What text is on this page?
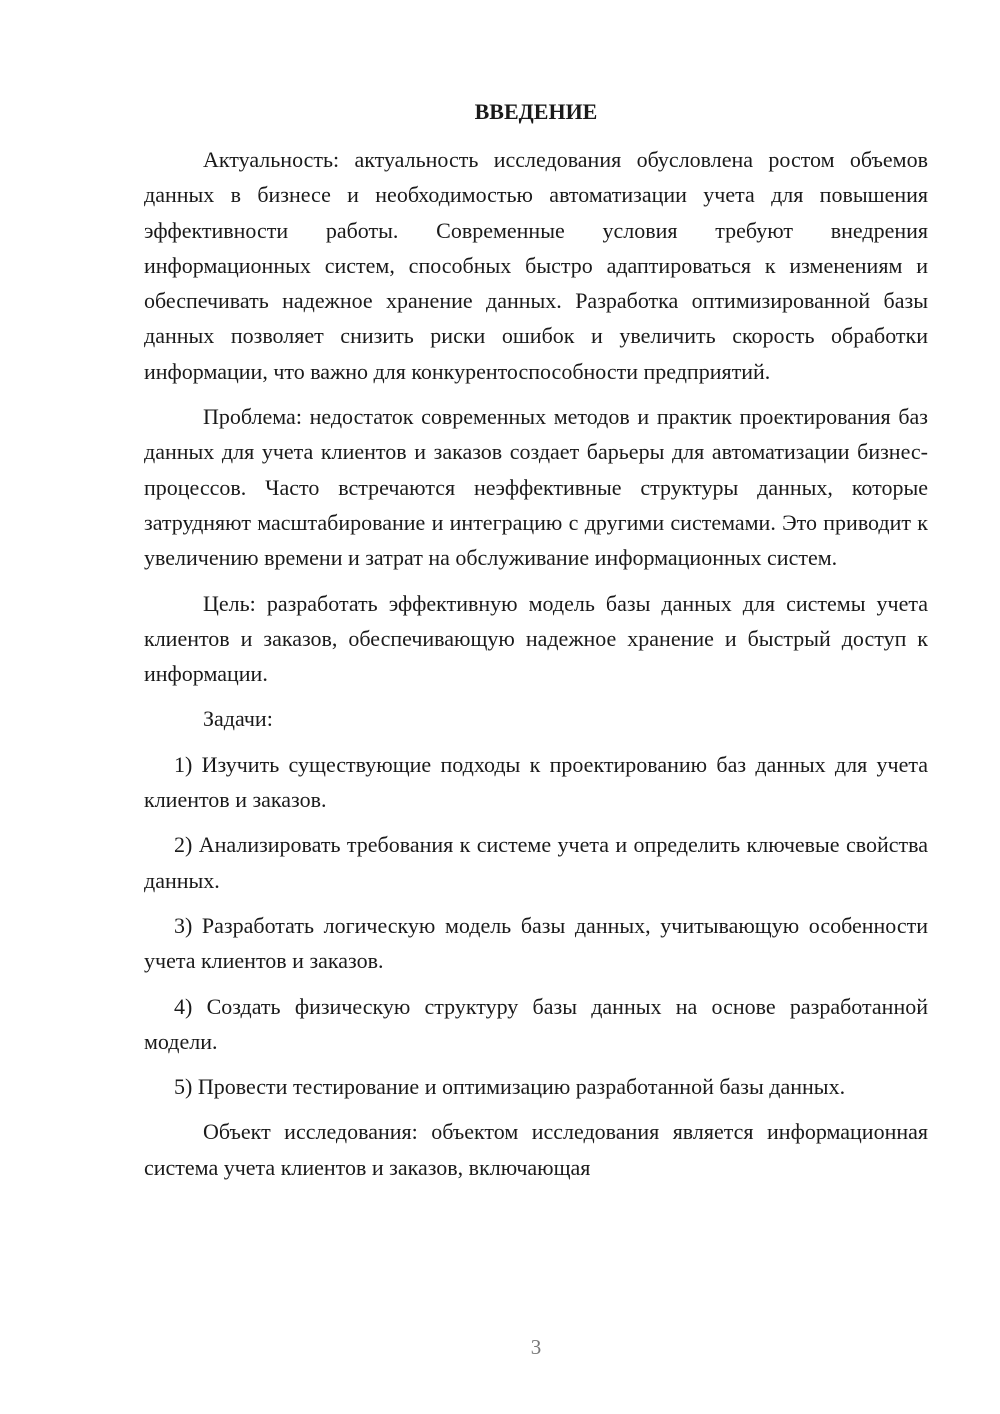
ВВЕДЕНИЕ

Актуальность: актуальность исследования обусловлена ростом объемов данных в бизнесе и необходимостью автоматизации учета для повышения эффективности работы. Современные условия требуют внедрения информационных систем, способных быстро адаптироваться к изменениям и обеспечивать надежное хранение данных. Разработка оптимизированной базы данных позволяет снизить риски ошибок и увеличить скорость обработки информации, что важно для конкурентоспособности предприятий.

Проблема: недостаток современных методов и практик проектирования баз данных для учета клиентов и заказов создает барьеры для автоматизации бизнес-процессов. Часто встречаются неэффективные структуры данных, которые затрудняют масштабирование и интеграцию с другими системами. Это приводит к увеличению времени и затрат на обслуживание информационных систем.

Цель: разработать эффективную модель базы данных для системы учета клиентов и заказов, обеспечивающую надежное хранение и быстрый доступ к информации.

Задачи:

1) Изучить существующие подходы к проектированию баз данных для учета клиентов и заказов.

2) Анализировать требования к системе учета и определить ключевые свойства данных.

3) Разработать логическую модель базы данных, учитывающую особенности учета клиентов и заказов.

4) Создать физическую структуру базы данных на основе разработанной модели.

5) Провести тестирование и оптимизацию разработанной базы данных.

Объект исследования: объектом исследования является информационная система учета клиентов и заказов, включающая

3
